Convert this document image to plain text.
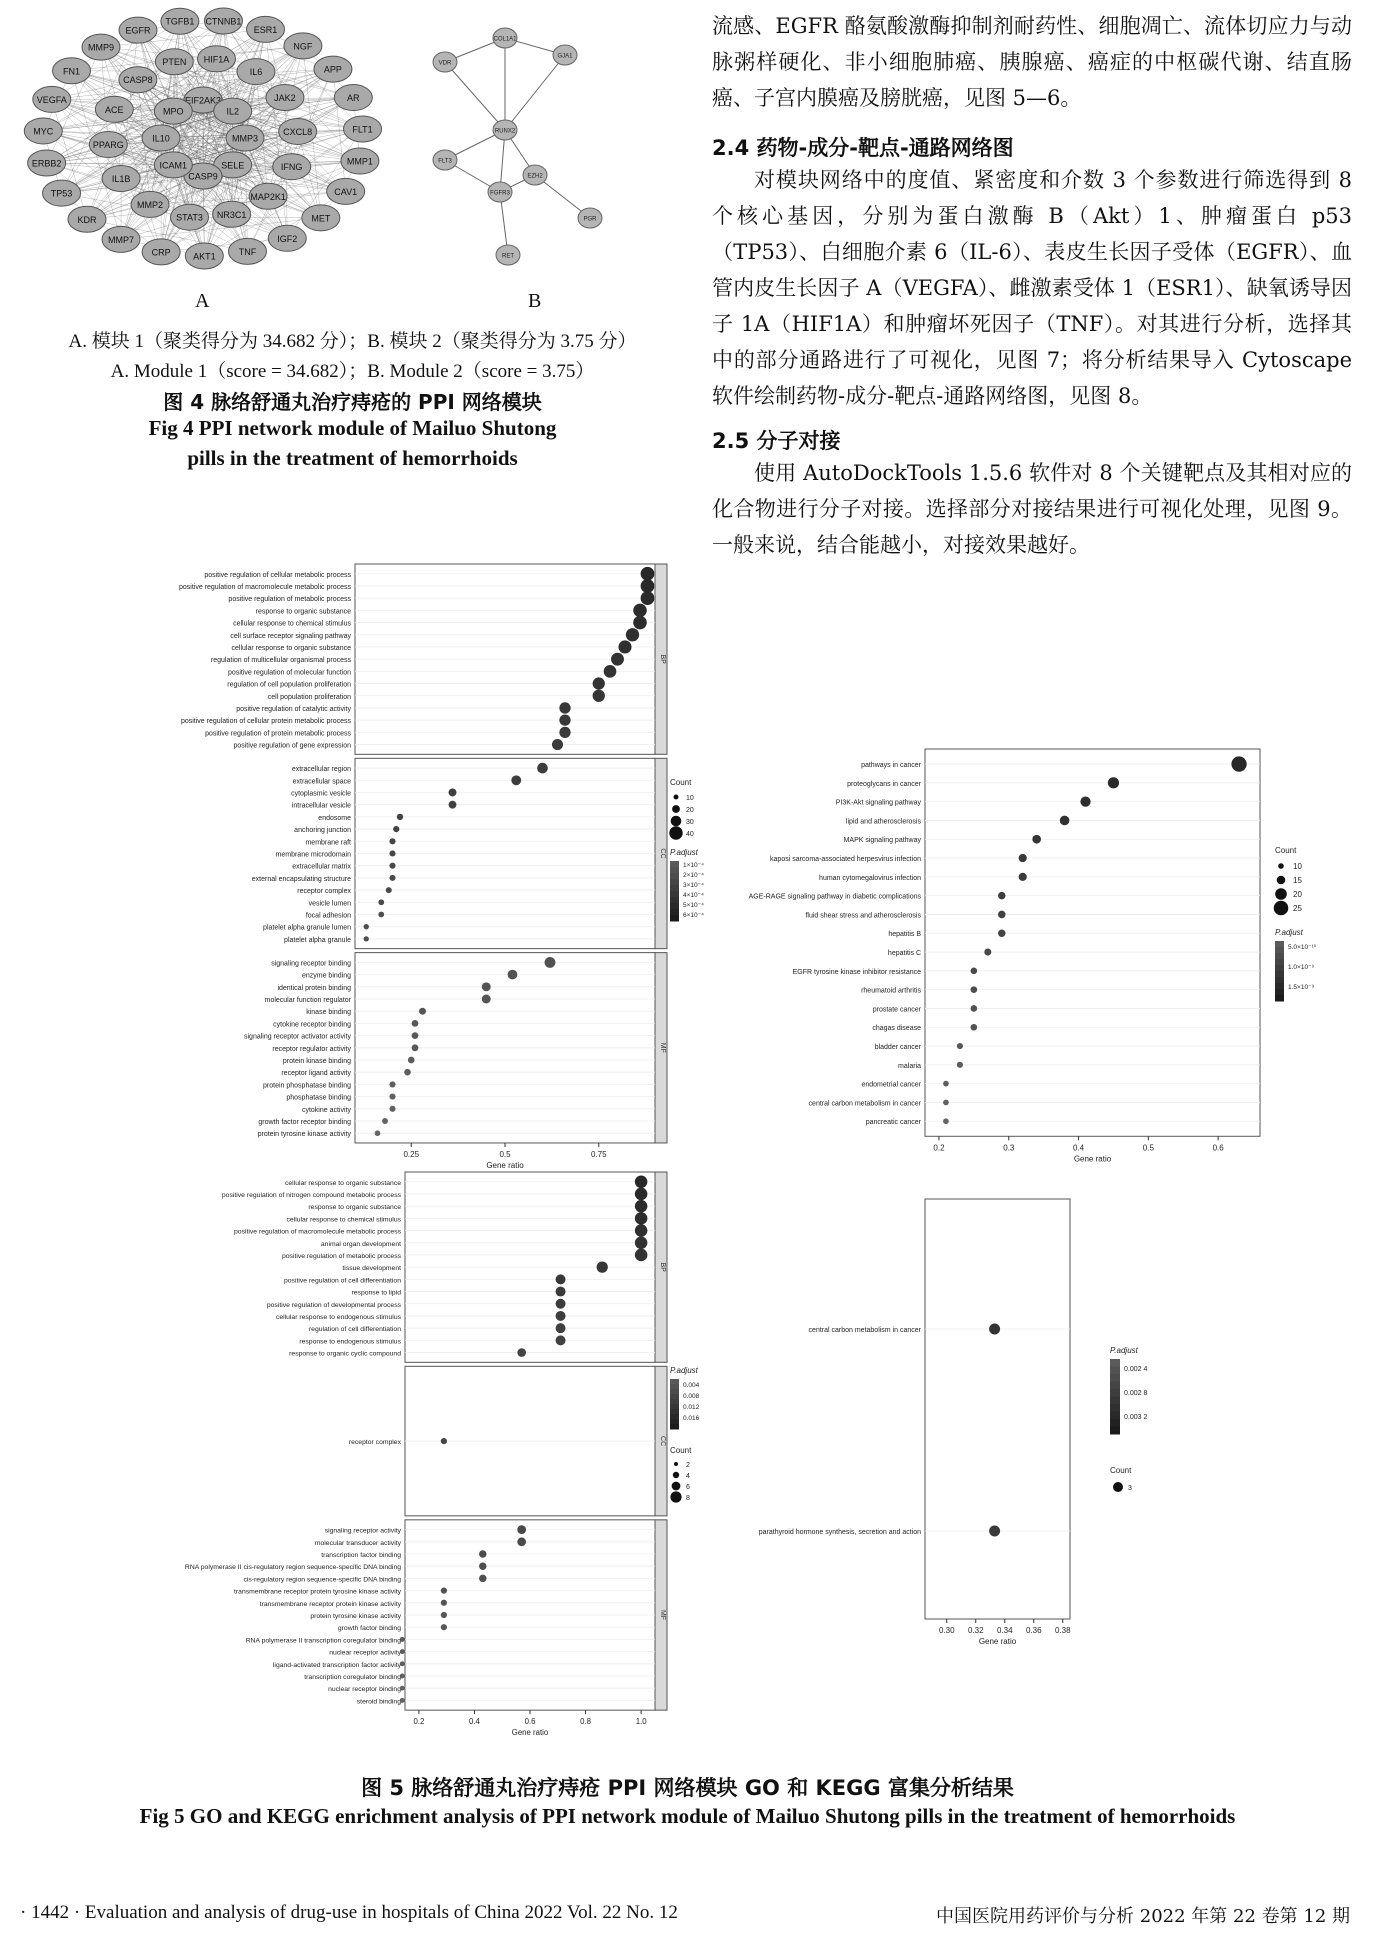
EIF2AK3
IL2
MMP3
SELE
CASP9
ICAM1
IL10
MPO
JAK2
CXCL8
IFNG
MAP2K1
NR3C1
STAT3
MMP2
IL1B
PPARG
ACE
CASP8
PTEN HIF1A
IL6
TNF
AKT1
CRP
MMP7
KDR
TP53
ERBB2
MYC
VEGFA
FN1
MMP9
EGFR
TGFB1 CTNNB1
ESR1
NGF
APP
AR
FLT1
MMP1
CAV1
MET
IGF2
COL1A1
VDR
GJA1
RUNX2
FLT3
EZH2
FGFR3
PGR
RET
A	B
A. 模块 1（聚类得分为 34.682 分）；B. 模块 2（聚类得分为 3.75 分）
A. Module 1（score = 34.682）；B. Module 2（score = 3.75）
图 4 脉络舒通丸治疗痔疮的 PPI 网络模块
Fig 4 PPI network module of Mailuo Shutong
pills in the treatment of hemorrhoids
流感、EGFR 酪氨酸激酶抑制剂耐药性、细胞凋亡、流体切应力与动脉粥样硬化、非小细胞肺癌、胰腺癌、癌症的中枢碳代谢、结直肠癌、子宫内膜癌及膀胱癌，见图 5—6。
2.4 药物-成分-靶点-通路网络图
对模块网络中的度值、紧密度和介数 3 个参数进行筛选得到 8 个核心基因，分别为蛋白激酶 B（Akt）1、肿瘤蛋白 p53（TP53）、白细胞介素 6（IL-6）、表皮生长因子受体（EGFR）、血管内皮生长因子 A（VEGFA）、雌激素受体 1（ESR1）、缺氧诱导因子 1A（HIF1A）和肿瘤坏死因子（TNF）。对其进行分析，选择其中的部分通路进行了可视化，见图 7；将分析结果导入 Cytoscape 软件绘制药物-成分-靶点-通路网络图，见图 8。
2.5 分子对接
使用 AutoDockTools 1.5.6 软件对 8 个关键靶点及其相对应的化合物进行分子对接。选择部分对接结果进行可视化处理，见图 9。一般来说，结合能越小，对接效果越好。
BP
positive regulation of cellular metabolic process
positive regulation of macromolecule metabolic process
positive regulation of metabolic process
response to organic substance
cellular response to chemical stimulus
cell surface receptor signaling pathway
cellular response to organic substance
regulation of multicellular organismal process
positive regulation of molecular function
regulation of cell population proliferation
cell population proliferation
positive regulation of catalytic activity
positive regulation of cellular protein metabolic process
positive regulation of protein metabolic process
positive regulation of gene expression
CC
extracellular region
extracellular space
cytoplasmic vesicle
intracellular vesicle
endosome
anchoring junction
membrane raft
membrane microdomain
extracellular matrix
external encapsulating structure
receptor complex
vesicle lumen
focal adhesion
platelet alpha granule lumen
platelet alpha granule
MF
signaling receptor binding
enzyme binding
identical protein binding
molecular function regulator
kinase binding
cytokine receptor binding
signaling receptor activator activity
receptor regulator activity
protein kinase binding
receptor ligand activity
protein phosphatase binding
phosphatase binding
cytokine activity
growth factor receptor binding
protein tyrosine kinase activity
0.25	0.5	0.75
Gene ratio
Count
10
20
30
40
P.adjust
1×10⁻⁴
2×10⁻⁴
3×10⁻⁴
4×10⁻⁴
5×10⁻⁴
6×10⁻⁴
pathways in cancer
proteoglycans in cancer
PI3K-Akt signaling pathway
lipid and atherosclerosis
MAPK signaling pathway
kaposi sarcoma-associated herpesvirus infection
human cytomegalovirus infection
AGE-RAGE signaling pathway in diabetic complications
fluid shear stress and atherosclerosis
hepatitis B
hepatitis C
EGFR tyrosine kinase inhibitor resistance
rheumatoid arthritis
prostate cancer
chagas disease
bladder cancer
malaria
endometrial cancer
central carbon metabolism in cancer
pancreatic cancer
0.2	0.3	0.4	0.5	0.6
Gene ratio
Count
10
15
20
25
P.adjust
5.0×10⁻¹⁰
1.0×10⁻⁹
1.5×10⁻⁹
BP
cellular response to organic substance
positive regulation of nitrogen compound metabolic process
response to organic substance
cellular response to chemical stimulus
positive regulation of macromolecule metabolic process
animal organ development
positive regulation of metabolic process
tissue development
positive regulation of cell differentiation
response to lipid
positive regulation of developmental process
cellular response to endogenous stimulus
regulation of cell differentiation
response to endogenous stimulus
response to organic cyclic compound
CC
receptor complex
MF
signaling receptor activity
molecular transducer activity
transcription factor binding
RNA polymerase II cis-regulatory region sequence-specific DNA binding
cis-regulatory region sequence-specific DNA binding
transmembrane receptor protein tyrosine kinase activity
transmembrane receptor protein kinase activity
protein tyrosine kinase activity
growth factor binding
RNA polymerase II transcription coregulator binding
nuclear receptor activity
ligand-activated transcription factor activity
transcription coregulator binding
nuclear receptor binding
steroid binding
0.2	0.4	0.6	0.8	1.0
Gene ratio
P.adjust
0.004
0.008
0.012
0.016
Count
2
4
6
8
central carbon metabolism in cancer
parathyroid hormone synthesis, secretion and action
0.30 0.32 0.34 0.36 0.38
Gene ratio
P.adjust
0.002 4
0.002 8
0.003 2
Count
3
图 5 脉络舒通丸治疗痔疮 PPI 网络模块 GO 和 KEGG 富集分析结果
Fig 5 GO and KEGG enrichment analysis of PPI network module of Mailuo Shutong pills in the treatment of hemorrhoids
· 1442 · Evaluation and analysis of drug-use in hospitals of China 2022 Vol. 22 No. 12	中国医院用药评价与分析 2022 年第 22 卷第 12 期
